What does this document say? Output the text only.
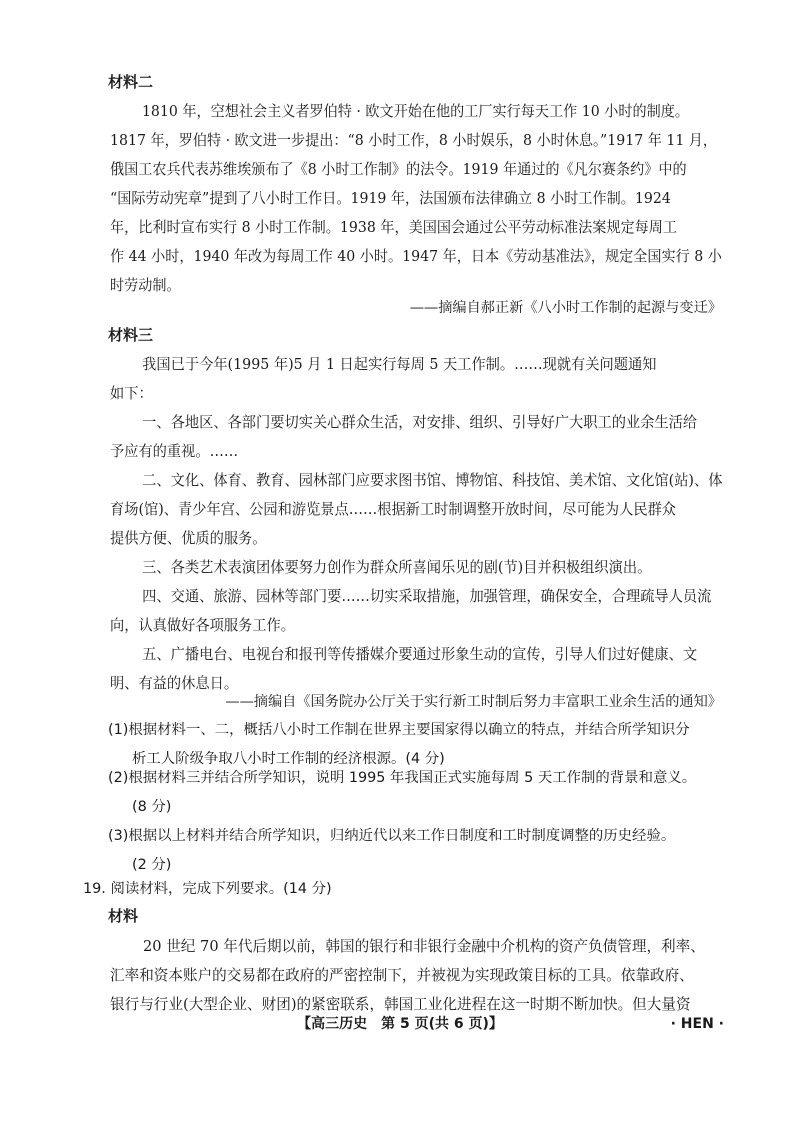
材料二
1810 年，空想社会主义者罗伯特 · 欧文开始在他的工厂实行每天工作 10 小时的制度。
1817 年，罗伯特 · 欧文进一步提出：“8 小时工作，8 小时娱乐，8 小时休息。”1917 年 11 月，
俄国工农兵代表苏维埃颁布了《8 小时工作制》的法令。1919 年通过的《凡尔赛条约》中的
“国际劳动宪章”提到了八小时工作日。1919 年，法国颁布法律确立 8 小时工作制。1924
年，比利时宣布实行 8 小时工作制。1938 年，美国国会通过公平劳动标准法案规定每周工
作 44 小时，1940 年改为每周工作 40 小时。1947 年，日本《劳动基准法》，规定全国实行 8 小
时劳动制。
——摘编自郝正新《八小时工作制的起源与变迁》
材料三
我国已于今年(1995 年)5 月 1 日起实行每周 5 天工作制。……现就有关问题通知
如下：
一、各地区、各部门要切实关心群众生活，对安排、组织、引导好广大职工的业余生活给
予应有的重视。……
二、文化、体育、教育、园林部门应要求图书馆、博物馆、科技馆、美术馆、文化馆(站)、体
育场(馆)、青少年宫、公园和游览景点……根据新工时制调整开放时间，尽可能为人民群众
提供方便、优质的服务。
三、各类艺术表演团体要努力创作为群众所喜闻乐见的剧(节)目并积极组织演出。
四、交通、旅游、园林等部门要……切实采取措施，加强管理，确保安全，合理疏导人员流
向，认真做好各项服务工作。
五、广播电台、电视台和报刊等传播媒介要通过形象生动的宣传，引导人们过好健康、文
明、有益的休息日。
——摘编自《国务院办公厅关于实行新工时制后努力丰富职工业余生活的通知》
(1)根据材料一、二，概括八小时工作制在世界主要国家得以确立的特点，并结合所学知识分
析工人阶级争取八小时工作制的经济根源。(4 分)
(2)根据材料三并结合所学知识，说明 1995 年我国正式实施每周 5 天工作制的背景和意义。
(8 分)
(3)根据以上材料并结合所学知识，归纳近代以来工作日制度和工时制度调整的历史经验。
(2 分)
19. 阅读材料，完成下列要求。(14 分)
材料
20 世纪 70 年代后期以前，韩国的银行和非银行金融中介机构的资产负债管理，利率、
汇率和资本账户的交易都在政府的严密控制下，并被视为实现政策目标的工具。依靠政府、
银行与行业(大型企业、财团)的紧密联系，韩国工业化进程在这一时期不断加快。但大量资
【高三历史　第 5 页(共 6 页)】	· HEN ·
